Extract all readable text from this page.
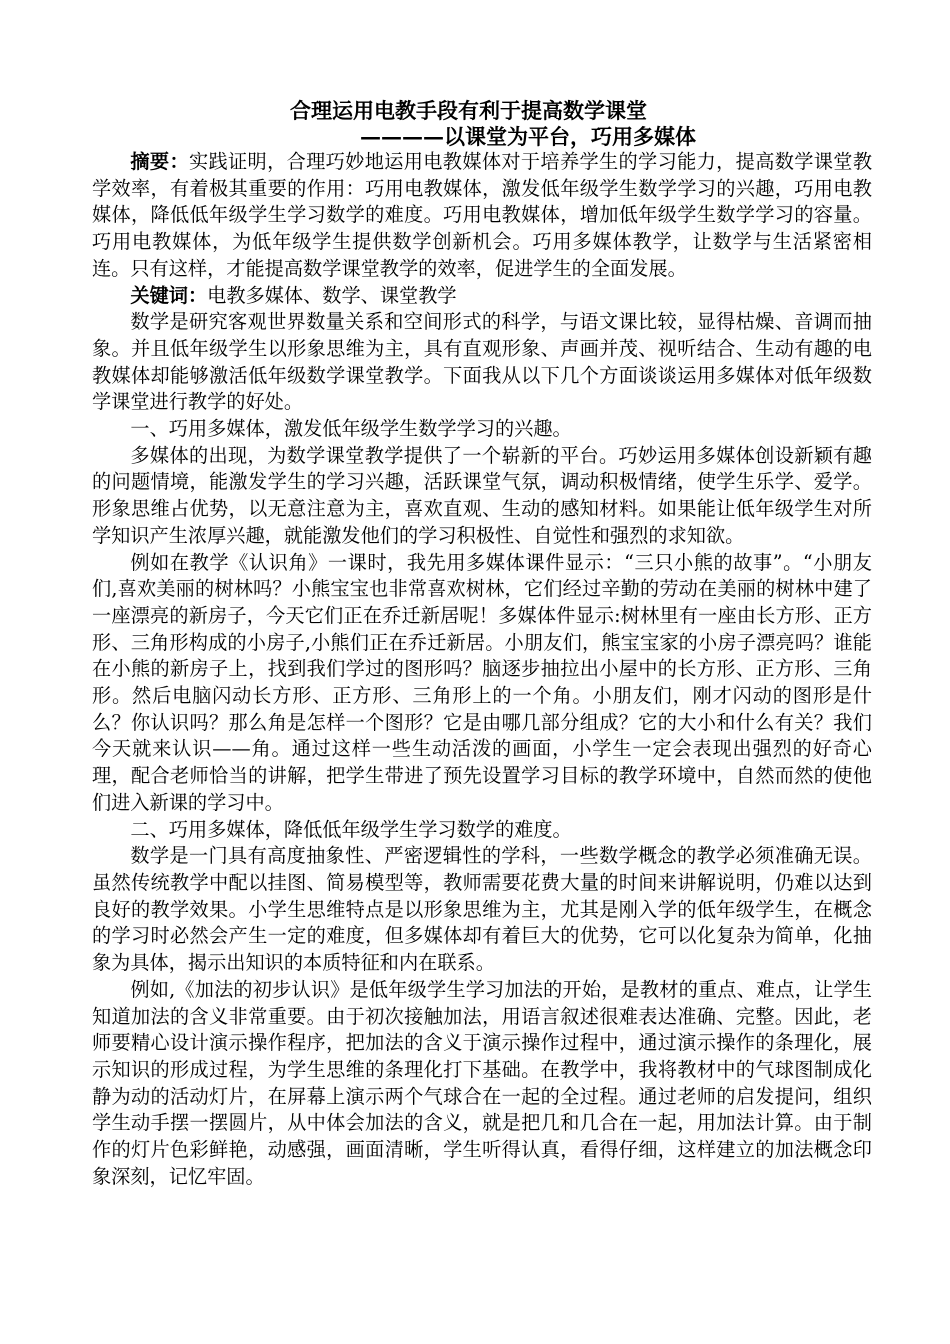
合理运用电教手段有利于提高数学课堂
————以课堂为平台，巧用多媒体

摘要：实践证明，合理巧妙地运用电教媒体对于培养学生的学习能力，提高数学课堂教学效率，有着极其重要的作用：巧用电教媒体，激发低年级学生数学学习的兴趣，巧用电教媒体，降低低年级学生学习数学的难度。巧用电教媒体，增加低年级学生数学学习的容量。巧用电教媒体，为低年级学生提供数学创新机会。巧用多媒体教学，让数学与生活紧密相连。只有这样，才能提高数学课堂教学的效率，促进学生的全面发展。

关键词：电教多媒体、数学、课堂教学

数学是研究客观世界数量关系和空间形式的科学，与语文课比较，显得枯燥、音调而抽象。并且低年级学生以形象思维为主，具有直观形象、声画并茂、视听结合、生动有趣的电教媒体却能够激活低年级数学课堂教学。下面我从以下几个方面谈谈运用多媒体对低年级数学课堂进行教学的好处。

一、巧用多媒体，激发低年级学生数学学习的兴趣。

多媒体的出现，为数学课堂教学提供了一个崭新的平台。巧妙运用多媒体创设新颖有趣的问题情境，能激发学生的学习兴趣，活跃课堂气氛，调动积极情绪，使学生乐学、爱学。形象思维占优势，以无意注意为主，喜欢直观、生动的感知材料。如果能让低年级学生对所学知识产生浓厚兴趣，就能激发他们的学习积极性、自觉性和强烈的求知欲。

例如在教学《认识角》一课时，我先用多媒体课件显示：“三只小熊的故事”。“小朋友们,喜欢美丽的树林吗？小熊宝宝也非常喜欢树林，它们经过辛勤的劳动在美丽的树林中建了一座漂亮的新房子，今天它们正在乔迁新居呢！多媒体件显示:树林里有一座由长方形、正方形、三角形构成的小房子,小熊们正在乔迁新居。小朋友们，熊宝宝家的小房子漂亮吗？谁能在小熊的新房子上，找到我们学过的图形吗？脑逐步抽拉出小屋中的长方形、正方形、三角形。然后电脑闪动长方形、正方形、三角形上的一个角。小朋友们，刚才闪动的图形是什么？你认识吗？那么角是怎样一个图形？它是由哪几部分组成？它的大小和什么有关？我们今天就来认识——角。通过这样一些生动活泼的画面，小学生一定会表现出强烈的好奇心理，配合老师恰当的讲解，把学生带进了预先设置学习目标的教学环境中，自然而然的使他们进入新课的学习中。

二、巧用多媒体，降低低年级学生学习数学的难度。

数学是一门具有高度抽象性、严密逻辑性的学科，一些数学概念的教学必须准确无误。虽然传统教学中配以挂图、简易模型等，教师需要花费大量的时间来讲解说明，仍难以达到良好的教学效果。小学生思维特点是以形象思维为主，尤其是刚入学的低年级学生，在概念的学习时必然会产生一定的难度，但多媒体却有着巨大的优势，它可以化复杂为简单，化抽象为具体，揭示出知识的本质特征和内在联系。

例如,《加法的初步认识》是低年级学生学习加法的开始，是教材的重点、难点，让学生知道加法的含义非常重要。由于初次接触加法，用语言叙述很难表达准确、完整。因此，老师要精心设计演示操作程序，把加法的含义于演示操作过程中，通过演示操作的条理化，展示知识的形成过程，为学生思维的条理化打下基础。在教学中，我将教材中的气球图制成化静为动的活动灯片，在屏幕上演示两个气球合在一起的全过程。通过老师的启发提问，组织学生动手摆一摆圆片，从中体会加法的含义，就是把几和几合在一起，用加法计算。由于制作的灯片色彩鲜艳，动感强，画面清晰，学生听得认真，看得仔细，这样建立的加法概念印象深刻，记忆牢固。
